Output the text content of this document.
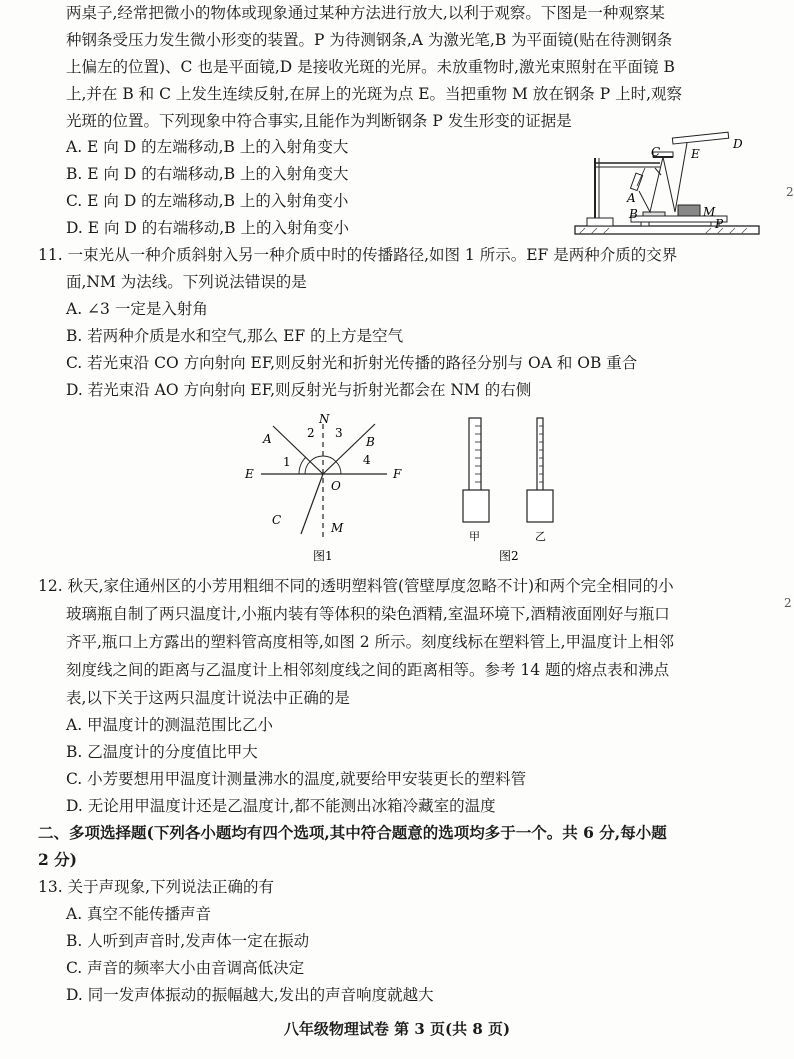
两桌子,经常把微小的物体或现象通过某种方法进行放大,以利于观察。下图是一种观察某
种钢条受压力发生微小形变的装置。P 为待测钢条,A 为激光笔,B 为平面镜(贴在待测钢条
上偏左的位置)、C 也是平面镜,D 是接收光斑的光屏。未放重物时,激光束照射在平面镜 B
上,并在 B 和 C 上发生连续反射,在屏上的光斑为点 E。当把重物 M 放在钢条 P 上时,观察
光斑的位置。下列现象中符合事实,且能作为判断钢条 P 发生形变的证据是
A. E 向 D 的左端移动,B 上的入射角变大
B. E 向 D 的右端移动,B 上的入射角变大
C. E 向 D 的左端移动,B 上的入射角变小
D. E 向 D 的右端移动,B 上的入射角变小
C	E
D
A
B	M
P
2
11. 一束光从一种介质斜射入另一种介质中时的传播路径,如图 1 所示。EF 是两种介质的交界
面,NM 为法线。下列说法错误的是
A. ∠3 一定是入射角
B. 若两种介质是水和空气,那么 EF 的上方是空气
C. 若光束沿 CO 方向射向 EF,则反射光和折射光传播的路径分别与 OA 和 OB 重合
D. 若光束沿 AO 方向射向 EF,则反射光与折射光都会在 NM 的右侧
N
A	B
E	F
O
C
M
1
2 3
4
图1
甲	乙
图2
12. 秋天,家住通州区的小芳用粗细不同的透明塑料管(管壁厚度忽略不计)和两个完全相同的小
玻璃瓶自制了两只温度计,小瓶内装有等体积的染色酒精,室温环境下,酒精液面刚好与瓶口
齐平,瓶口上方露出的塑料管高度相等,如图 2 所示。刻度线标在塑料管上,甲温度计上相邻
刻度线之间的距离与乙温度计上相邻刻度线之间的距离相等。参考 14 题的熔点表和沸点
表,以下关于这两只温度计说法中正确的是
A. 甲温度计的测温范围比乙小
B. 乙温度计的分度值比甲大
C. 小芳要想用甲温度计测量沸水的温度,就要给甲安装更长的塑料管
D. 无论用甲温度计还是乙温度计,都不能测出冰箱冷藏室的温度
2
二、多项选择题(下列各小题均有四个选项,其中符合题意的选项均多于一个。共 6 分,每小题
2 分)
13. 关于声现象,下列说法正确的有
A. 真空不能传播声音
B. 人听到声音时,发声体一定在振动
C. 声音的频率大小由音调高低决定
D. 同一发声体振动的振幅越大,发出的声音响度就越大
八年级物理试卷 第 3 页(共 8 页)
